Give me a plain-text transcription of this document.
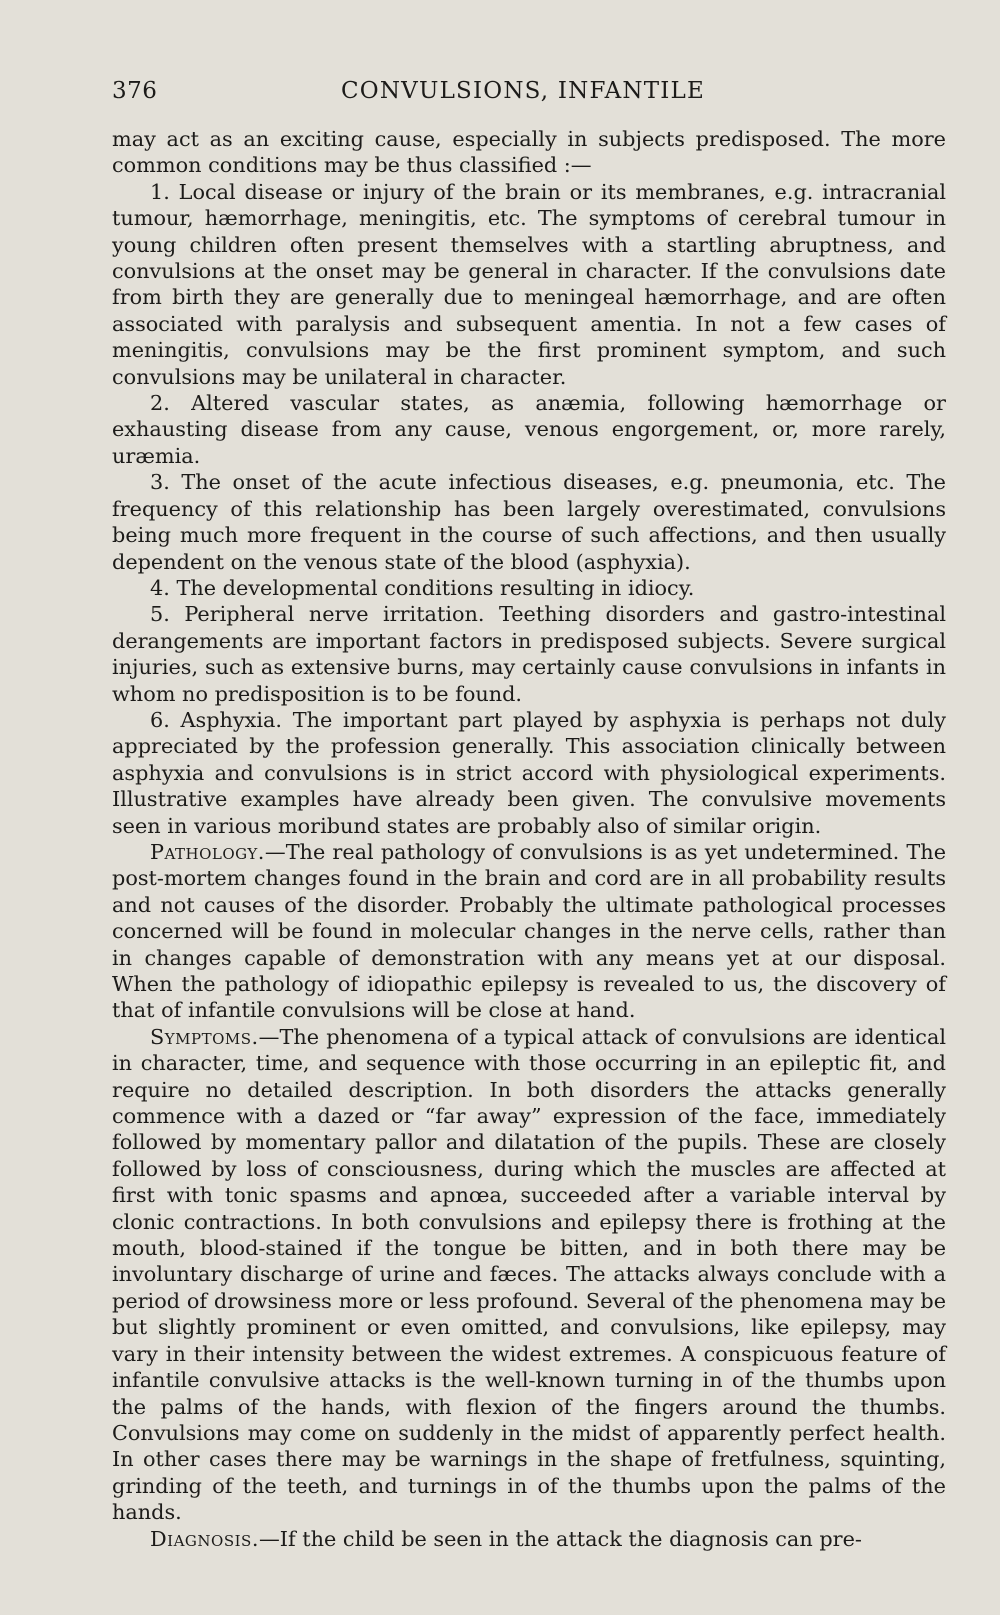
376	CONVULSIONS, INFANTILE

may act as an exciting cause, especially in subjects predisposed. The more common conditions may be thus classified :—

1. Local disease or injury of the brain or its membranes, e.g. intracranial tumour, hæmorrhage, meningitis, etc. The symptoms of cerebral tumour in young children often present themselves with a startling abruptness, and convulsions at the onset may be general in character. If the convulsions date from birth they are generally due to meningeal hæmorrhage, and are often associated with paralysis and subsequent amentia. In not a few cases of meningitis, convulsions may be the first prominent symptom, and such convulsions may be unilateral in character.

2. Altered vascular states, as anæmia, following hæmorrhage or exhausting disease from any cause, venous engorgement, or, more rarely, uræmia.

3. The onset of the acute infectious diseases, e.g. pneumonia, etc. The frequency of this relationship has been largely overestimated, convulsions being much more frequent in the course of such affections, and then usually dependent on the venous state of the blood (asphyxia).

4. The developmental conditions resulting in idiocy.

5. Peripheral nerve irritation. Teething disorders and gastro-intestinal derangements are important factors in predisposed subjects. Severe surgical injuries, such as extensive burns, may certainly cause convulsions in infants in whom no predisposition is to be found.

6. Asphyxia. The important part played by asphyxia is perhaps not duly appreciated by the profession generally. This association clinically between asphyxia and convulsions is in strict accord with physiological experiments. Illustrative examples have already been given. The convulsive movements seen in various moribund states are probably also of similar origin.

Pathology.—The real pathology of convulsions is as yet undetermined. The post-mortem changes found in the brain and cord are in all probability results and not causes of the disorder. Probably the ultimate pathological processes concerned will be found in molecular changes in the nerve cells, rather than in changes capable of demonstration with any means yet at our disposal. When the pathology of idiopathic epilepsy is revealed to us, the discovery of that of infantile convulsions will be close at hand.

Symptoms.—The phenomena of a typical attack of convulsions are identical in character, time, and sequence with those occurring in an epileptic fit, and require no detailed description. In both disorders the attacks generally commence with a dazed or “far away” expression of the face, immediately followed by momentary pallor and dilatation of the pupils. These are closely followed by loss of consciousness, during which the muscles are affected at first with tonic spasms and apnœa, succeeded after a variable interval by clonic contractions. In both convulsions and epilepsy there is frothing at the mouth, blood-stained if the tongue be bitten, and in both there may be involuntary discharge of urine and fæces. The attacks always conclude with a period of drowsiness more or less profound. Several of the phenomena may be but slightly prominent or even omitted, and convulsions, like epilepsy, may vary in their intensity between the widest extremes. A conspicuous feature of infantile convulsive attacks is the well-known turning in of the thumbs upon the palms of the hands, with flexion of the fingers around the thumbs. Convulsions may come on suddenly in the midst of apparently perfect health. In other cases there may be warnings in the shape of fretfulness, squinting, grinding of the teeth, and turnings in of the thumbs upon the palms of the hands.

Diagnosis.—If the child be seen in the attack the diagnosis can pre-
